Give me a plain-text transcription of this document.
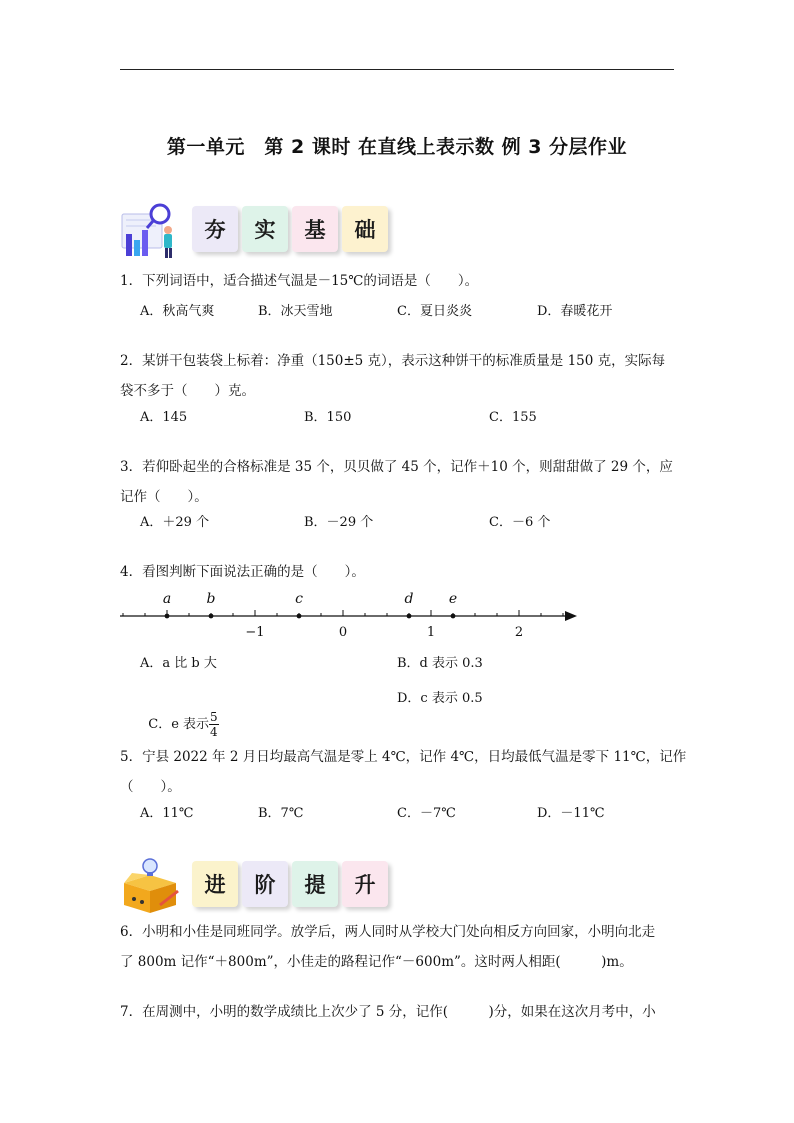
第一单元　第 2 课时 在直线上表示数 例 3 分层作业
夯	实	基	础
1．下列词语中，适合描述气温是－15℃的词语是（　　）。
A．秋高气爽	B．冰天雪地	C．夏日炎炎	D．春暖花开
2．某饼干包装袋上标着：净重（150±5 克），表示这种饼干的标准质量是 150 克，实际每
袋不多于（　　）克。
A．145	B．150	C．155
3．若仰卧起坐的合格标准是 35 个，贝贝做了 45 个，记作＋10 个，则甜甜做了 29 个，应
记作（　　）。
A．＋29 个	B．－29 个	C．－6 个
4．看图判断下面说法正确的是（　　）。
−1	0	1	2
a	b	c	d	e
A．a 比 b 大	B．d 表示 0.3

C．e 表示 $\frac{5}{4}$

D．c 表示 0.5
5．宁县 2022 年 2 月日均最高气温是零上 4℃，记作 4℃，日均最低气温是零下 11℃，记作
（　　）。
A．11℃	B．7℃	C．－7℃	D．－11℃
进	阶	提	升
6．小明和小佳是同班同学。放学后，两人同时从学校大门处向相反方向回家，小明向北走
了 800m 记作“＋800m”，小佳走的路程记作“－600m”。这时两人相距(　　　)m。
7．在周测中，小明的数学成绩比上次少了 5 分，记作(　　　)分，如果在这次月考中，小
